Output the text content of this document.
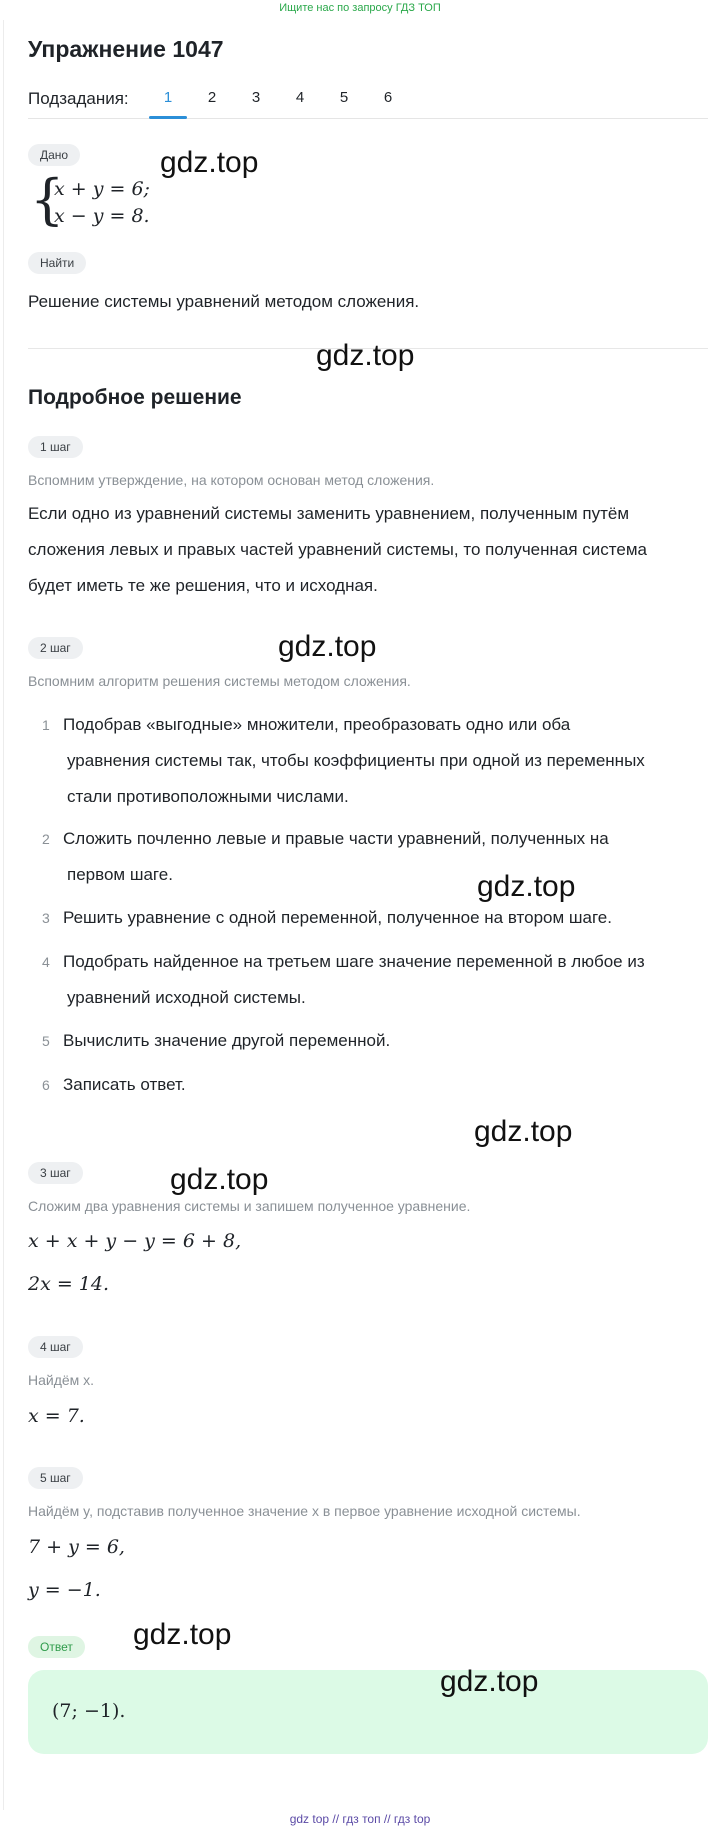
Ищите нас по запросу ГДЗ ТОП
Упражнение 1047
Подзадания:	1	2	3	4	5	6
Дано
{
x + y = 6;
x − y = 8.
Найти
Решение системы уравнений методом сложения.
Подробное решение
1 шаг
Вспомним утверждение, на котором основан метод сложения.
Если одно из уравнений системы заменить уравнением, полученным путём
сложения левых и правых частей уравнений системы, то полученная система
будет иметь те же решения, что и исходная.
2 шаг
Вспомним алгоритм решения системы методом сложения.
1 Подобрав «выгодные» множители, преобразовать одно или оба
уравнения системы так, чтобы коэффициенты при одной из переменных
стали противоположными числами.
2 Сложить почленно левые и правые части уравнений, полученных на
первом шаге.
3 Решить уравнение с одной переменной, полученное на втором шаге.
4 Подобрать найденное на третьем шаге значение переменной в любое из
уравнений исходной системы.
5 Вычислить значение другой переменной.
6 Записать ответ.
3 шаг
Сложим два уравнения системы и запишем полученное уравнение.
x + x + y − y = 6 + 8,
2x = 14.
4 шаг
Найдём x.
x = 7.
5 шаг
Найдём y, подставив полученное значение x в первое уравнение исходной системы.
7 + y = 6,
y = −1.
Ответ
(7; −1).
gdz.top
gdz.top
gdz.top
gdz.top
gdz.top
gdz.top
gdz.top
gdz.top
gdz top // гдз топ // гдз top
